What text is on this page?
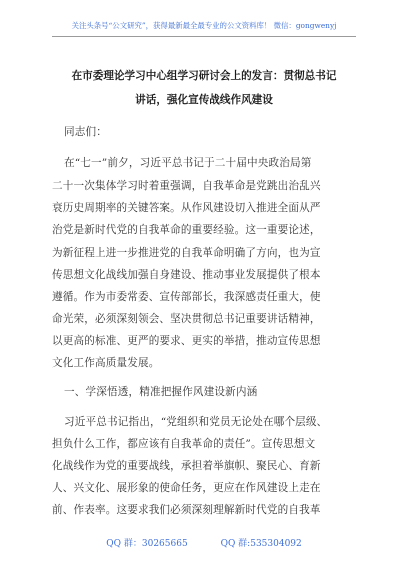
关注头条号“公文研究”，获得最新最全最专业的公文资料库！ 微信：gongwenyj
在市委理论学习中心组学习研讨会上的发言：贯彻总书记
讲话，强化宣传战线作风建设
同志们：
在“七一”前夕，习近平总书记于二十届中央政治局第
二十一次集体学习时着重强调，自我革命是党跳出治乱兴
衰历史周期率的关键答案。从作风建设切入推进全面从严
治党是新时代党的自我革命的重要经验。这一重要论述，
为新征程上进一步推进党的自我革命明确了方向，也为宣
传思想文化战线加强自身建设、推动事业发展提供了根本
遵循。作为市委常委、宣传部部长，我深感责任重大，使
命光荣，必须深刻领会、坚决贯彻总书记重要讲话精神，
以更高的标准、更严的要求、更实的举措，推动宣传思想
文化工作高质量发展。
一、学深悟透，精准把握作风建设新内涵
习近平总书记指出，“党组织和党员无论处在哪个层级、
担负什么工作，都应该有自我革命的责任”。宣传思想文
化战线作为党的重要战线，承担着举旗帜、聚民心、育新
人、兴文化、展形象的使命任务，更应在作风建设上走在
前、作表率。这要求我们必须深刻理解新时代党的自我革
QQ 群：30265665	QQ 群:535304092
